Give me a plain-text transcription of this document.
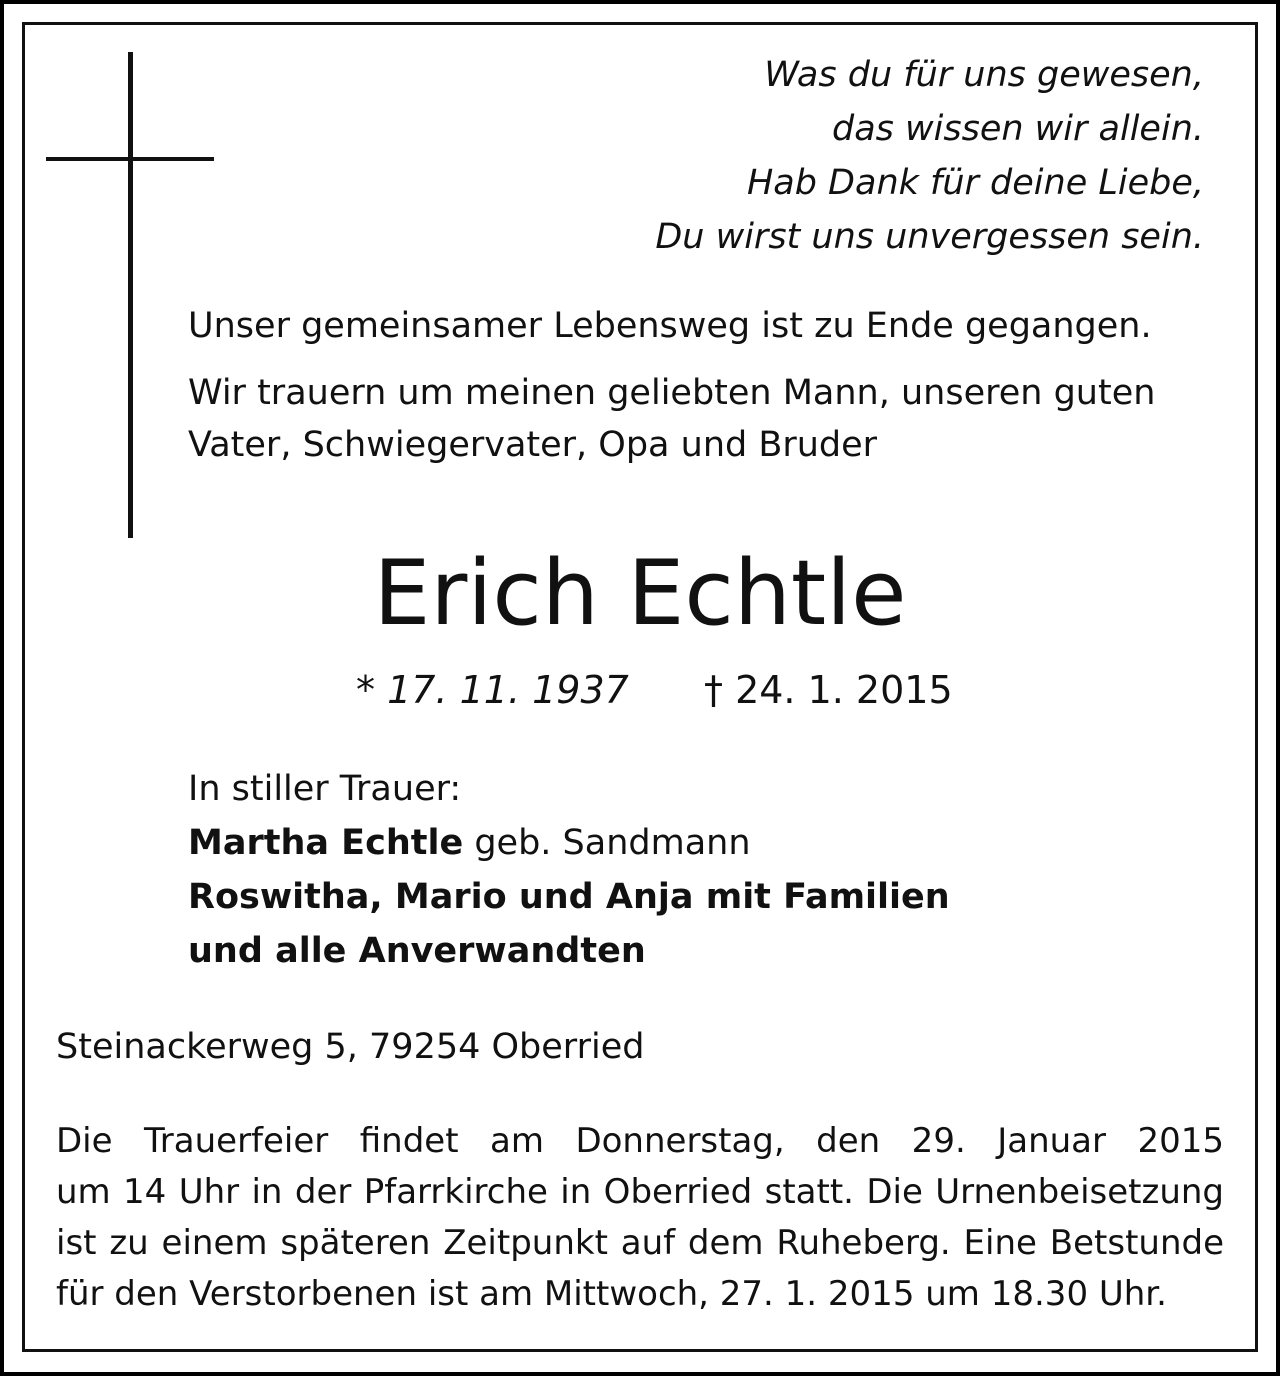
Was du für uns gewesen,
das wissen wir allein.
Hab Dank für deine Liebe,
Du wirst uns unvergessen sein.
Unser gemeinsamer Lebensweg ist zu Ende gegangen.
Wir trauern um meinen geliebten Mann, unseren guten
Vater, Schwiegervater, Opa und Bruder
Erich Echtle
* 17. 11. 1937 † 24. 1. 2015
In stiller Trauer:
Martha Echtle geb. Sandmann
Roswitha, Mario und Anja mit Familien
und alle Anverwandten
Steinackerweg 5, 79254 Oberried
Die Trauerfeier findet am Donnerstag, den 29. Januar 2015
um 14 Uhr in der Pfarrkirche in Oberried statt. Die Urnenbeisetzung
ist zu einem späteren Zeitpunkt auf dem Ruheberg. Eine Betstunde
für den Verstorbenen ist am Mittwoch, 27. 1. 2015 um 18.30 Uhr.
